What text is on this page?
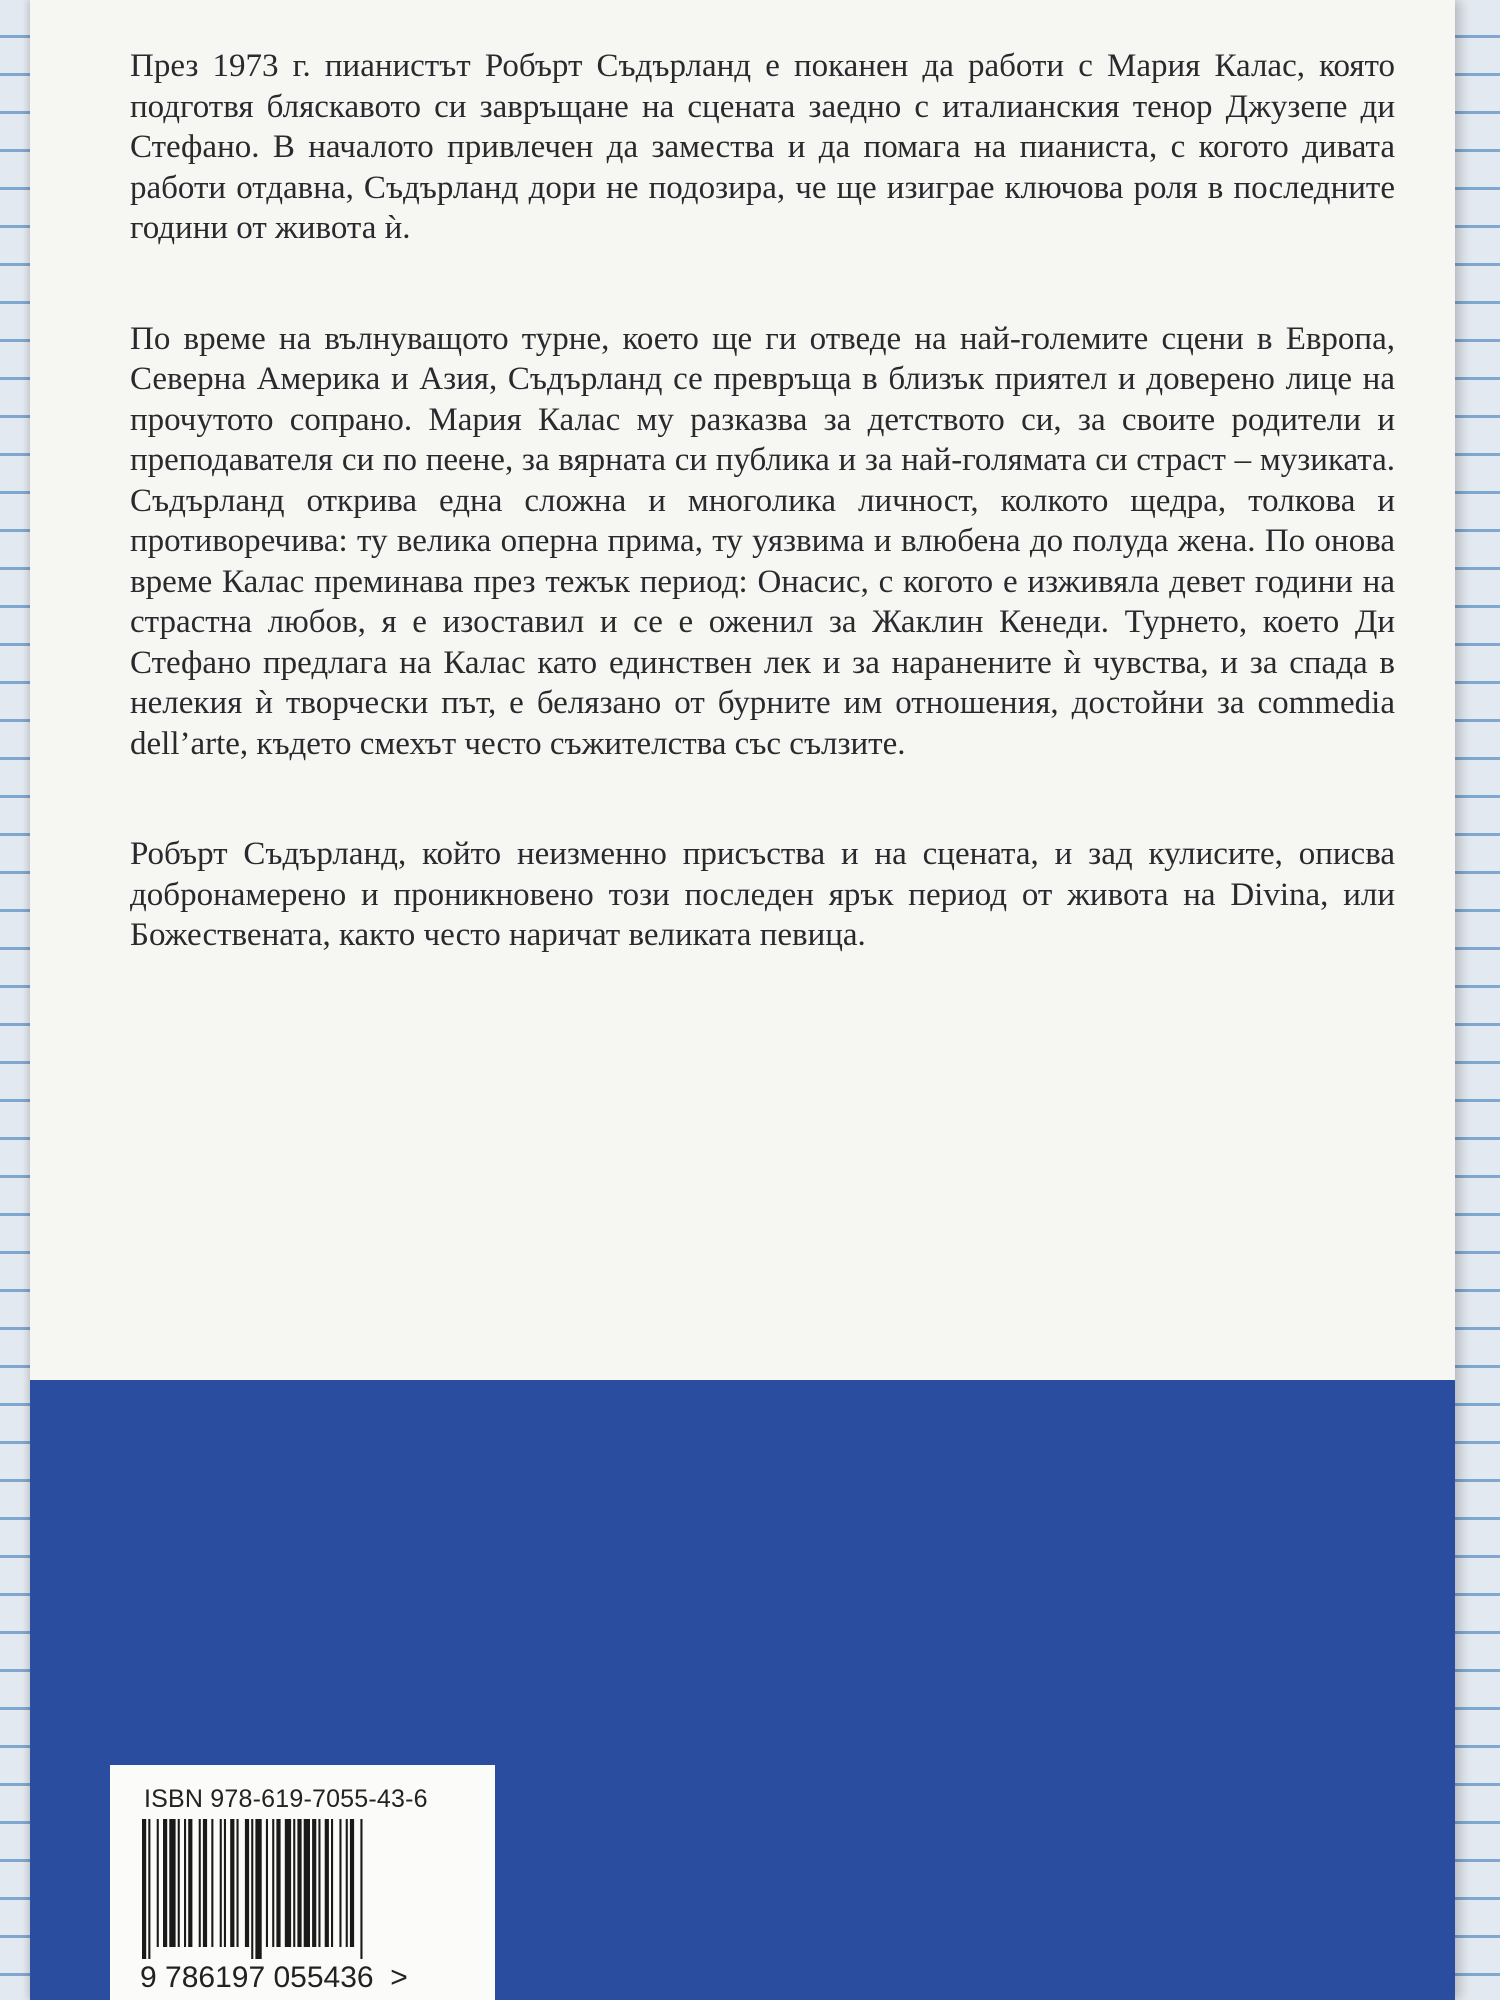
През 1973 г. пианистът Робърт Съдърланд е поканен да работи с Мария Калас, която подготвя бляскавото си завръщане на сцената заедно с италианския тенор Джузепе ди Стефано. В началото привлечен да замества и да помага на пианиста, с когото дивата работи отдавна, Съдърланд дори не подозира, че ще изиграе ключова роля в последните години от живота ѝ.

По време на вълнуващото турне, което ще ги отведе на най-големите сцени в Европа, Северна Америка и Азия, Съдърланд се превръща в близък приятел и доверено лице на прочутото сопрано. Мария Калас му разказва за детството си, за своите родители и преподавателя си по пеене, за вярната си публика и за най-голямата си страст – музиката. Съдърланд открива една сложна и многолика личност, колкото щедра, толкова и противоречива: ту велика оперна прима, ту уязвима и влюбена до полуда жена. По онова време Калас преминава през тежък период: Онасис, с когото е изживяла девет години на страстна любов, я е изоставил и се е оженил за Жаклин Кенеди. Турнето, което Ди Стефано предлага на Калас като единствен лек и за наранените ѝ чувства, и за спада в нелекия ѝ творчески път, е белязано от бурните им отношения, достойни за commedia dell’arte, където смехът често съжителства със сълзите.

Робърт Съдърланд, който неизменно присъства и на сцената, и зад кулисите, описва добронамерено и проникновено този последен ярък период от живота на Divina, или Божествената, както често наричат великата певица.

ISBN 978-619-7055-43-6
9 786197 055436  >
